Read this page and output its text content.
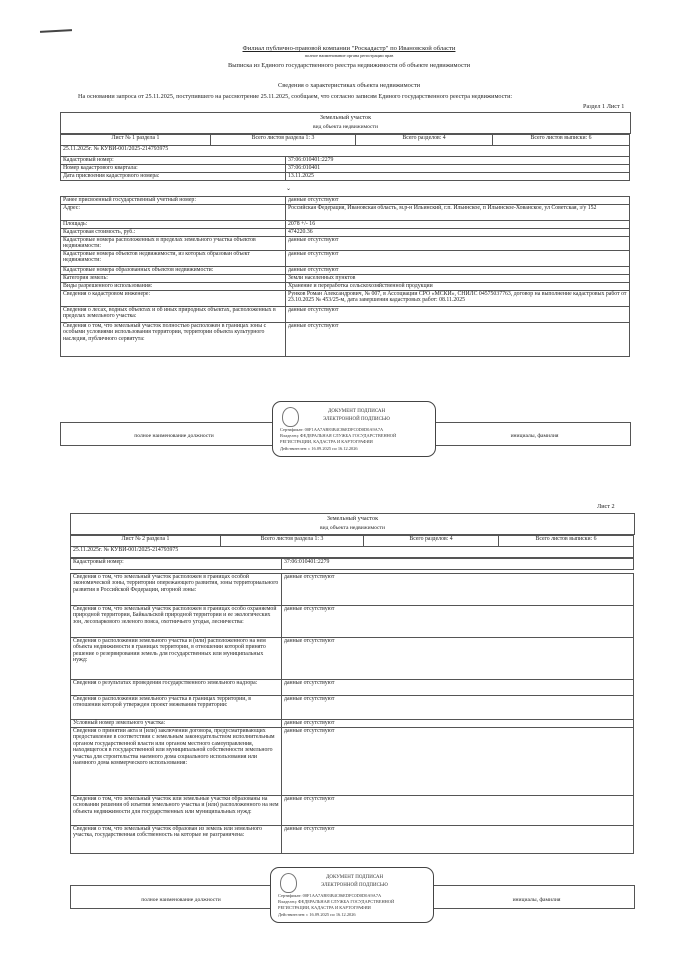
Филиал публично-правовой компании "Роскадастр" по Ивановской области
полное наименование органа регистрации прав
Выписка из Единого государственного реестра недвижимости об объекте недвижимости
Сведения о характеристиках объекта недвижимости
На основании запроса от 25.11.2025, поступившего на рассмотрение 25.11.2025, сообщаем, что согласно записям Единого государственного реестра недвижимости:
Раздел 1 Лист 1
Земельный участок
вид объекта недвижимости
Лист № 1 раздела 1	Всего листов раздела 1: 3	Всего разделов: 4	Всего листов выписки: 6
25.11.2025г. № КУВИ-001/2025-214793975
Кадастровый номер:	37:06:010401:2279
Номер кадастрового квартала:	37:06:010401
Дата присвоения кадастрового номера:	13.11.2025
⌄
Ранее присвоенный государственный учетный номер:	данные отсутствуют
Адрес:	Российская Федерация, Ивановская область, м.р-н Ильинский, г.п. Ильинское, п Ильинское-Хованское, ул Советская, з/у 152
Площадь:	2078 +/- 16
Кадастровая стоимость, руб.:	474220.36
Кадастровые номера расположенных в пределах земельного участка объектов недвижимости:	данные отсутствуют
Кадастровые номера объектов недвижимости, из которых образован объект недвижимости:	данные отсутствуют
Кадастровые номера образованных объектов недвижимости:	данные отсутствуют
Категория земель:	Земли населенных пунктов
Виды разрешенного использования:	Хранение и переработка сельскохозяйственной продукции
Сведения о кадастровом инженере:	Рунков Роман Александрович, № 007, в Ассоциации СРО «МСКИ», СНИЛС 04575037763, договор на выполнение кадастровых работ от 23.10.2025 № 453/25-м, дата завершения кадастровых работ: 08.11.2025
Сведения о лесах, водных объектах и об иных природных объектах, расположенных в пределах земельного участка:	данные отсутствуют
Сведения о том, что земельный участок полностью расположен в границах зоны с особыми условиями использования территории, территории объекта культурного наследия, публичного сервитута:	данные отсутствуют
полное наименование должности	инициалы, фамилия
ДОКУМЕНТ ПОДПИСАН
ЭЛЕКТРОННОЙ ПОДПИСЬЮ
Сертификат: 00F1AA7AB83B4C86EDFC0D0D0A9A7A
Владелец: ФЕДЕРАЛЬНАЯ СЛУЖБА ГОСУДАРСТВЕННОЙ
РЕГИСТРАЦИИ, КАДАСТРА И КАРТОГРАФИИ
Действителен: с 16.09.2025 по 16.12.2026
Лист 2
Земельный участок
вид объекта недвижимости
Лист № 2 раздела 1	Всего листов раздела 1: 3	Всего разделов: 4	Всего листов выписки: 6
25.11.2025г. № КУВИ-001/2025-214793975
Кадастровый номер:	37:06:010401:2279
Сведения о том, что земельный участок расположен в границах особой экономической зоны, территории опережающего развития, зоны территориального развития в Российской Федерации, игорной зоны:	данные отсутствуют
Сведения о том, что земельный участок расположен в границах особо охраняемой природной территории, Байкальской природной территории и ее экологических зон, лесопаркового зеленого пояса, охотничьего угодья, лесничества:	данные отсутствуют
Сведения о расположении земельного участка и (или) расположенного на нем объекта недвижимости в границах территории, в отношении которой принято решение о резервировании земель для государственных или муниципальных нужд:	данные отсутствуют
Сведения о результатах проведения государственного земельного надзора:	данные отсутствуют
Сведения о расположении земельного участка в границах территории, в отношении которой утвержден проект межевания территории:	данные отсутствуют
Условный номер земельного участка:	данные отсутствуют
Сведения о принятии акта и (или) заключении договора, предусматривающих предоставление в соответствии с земельным законодательством исполнительным органом государственной власти или органом местного самоуправления, находящегося в государственной или муниципальной собственности земельного участка для строительства наемного дома социального использования или наемного дома коммерческого использования:	данные отсутствуют
Сведения о том, что земельный участок или земельные участки образованы на основании решения об изъятии земельного участка и (или) расположенного на нем объекта недвижимости для государственных или муниципальных нужд:	данные отсутствуют
Сведения о том, что земельный участок образован из земель или земельного участка, государственная собственность на которые не разграничена:	данные отсутствуют
полное наименование должности	инициалы, фамилия
ДОКУМЕНТ ПОДПИСАН
ЭЛЕКТРОННОЙ ПОДПИСЬЮ
Сертификат: 00F1AA7AB83B4C86EDFC0D0D0A9A7A
Владелец: ФЕДЕРАЛЬНАЯ СЛУЖБА ГОСУДАРСТВЕННОЙ
РЕГИСТРАЦИИ, КАДАСТРА И КАРТОГРАФИИ
Действителен: с 16.09.2025 по 16.12.2026
